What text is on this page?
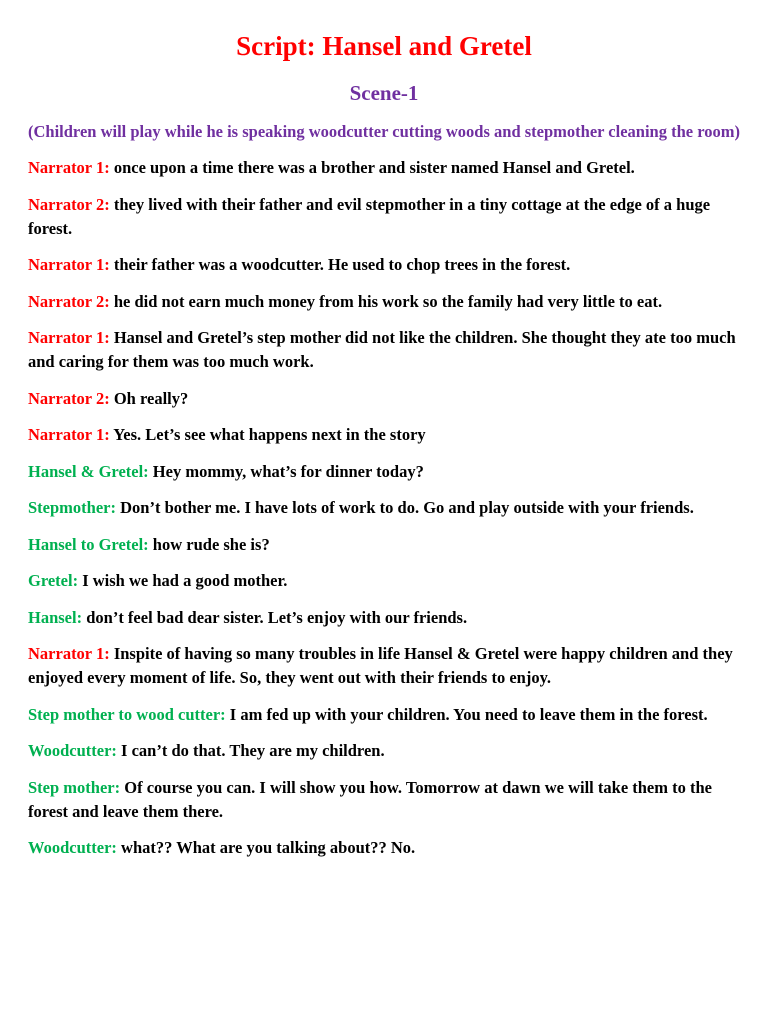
Script: Hansel and Gretel
Scene-1

(Children will play while he is speaking woodcutter cutting woods and stepmother cleaning the room)

Narrator 1: once upon a time there was a brother and sister named Hansel and Gretel.

Narrator 2: they lived with their father and evil stepmother in a tiny cottage at the edge of a huge forest.

Narrator 1: their father was a woodcutter. He used to chop trees in the forest.

Narrator 2: he did not earn much money from his work so the family had very little to eat.

Narrator 1: Hansel and Gretel’s step mother did not like the children. She thought they ate too much and caring for them was too much work.

Narrator 2: Oh really?

Narrator 1: Yes. Let’s see what happens next in the story

Hansel & Gretel: Hey mommy, what’s for dinner today?

Stepmother: Don’t bother me. I have lots of work to do. Go and play outside with your friends.

Hansel to Gretel: how rude she is?

Gretel: I wish we had a good mother.

Hansel: don’t feel bad dear sister. Let’s enjoy with our friends.

Narrator 1: Inspite of having so many troubles in life Hansel & Gretel were happy children and they enjoyed every moment of life. So, they went out with their friends to enjoy.

Step mother to wood cutter: I am fed up with your children. You need to leave them in the forest.

Woodcutter: I can’t do that. They are my children.

Step mother: Of course you can. I will show you how. Tomorrow at dawn we will take them to the forest and leave them there.

Woodcutter: what?? What are you talking about?? No.
